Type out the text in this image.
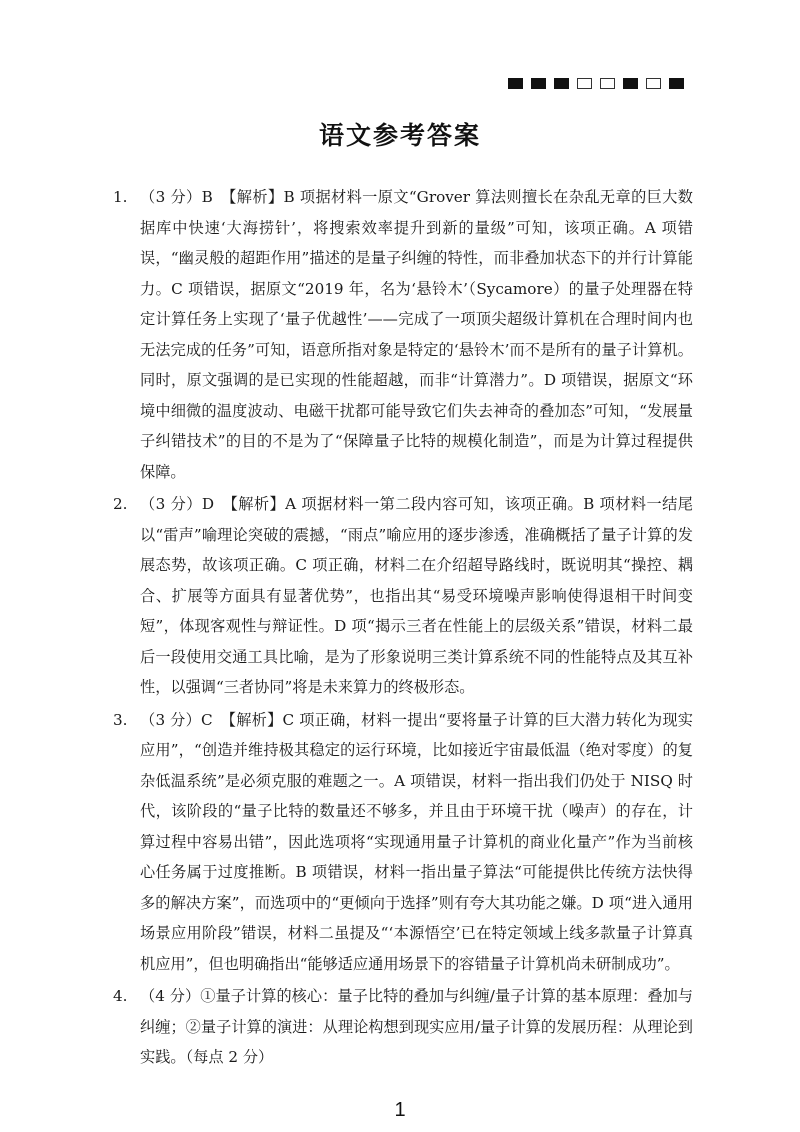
语文参考答案
1. （3 分）B　【解析】B 项据材料一原文“Grover 算法则擅长在杂乱无章的巨大数据库中快速‘大海捞针’，将搜索效率提升到新的量级”可知，该项正确。A 项错误，“幽灵般的超距作用”描述的是量子纠缠的特性，而非叠加状态下的并行计算能力。C 项错误，据原文“2019 年，名为‘悬铃木’（Sycamore）的量子处理器在特定计算任务上实现了‘量子优越性’——完成了一项顶尖超级计算机在合理时间内也无法完成的任务”可知，语意所指对象是特定的‘悬铃木’而不是所有的量子计算机。同时，原文强调的是已实现的性能超越，而非“计算潜力”。D 项错误，据原文“环境中细微的温度波动、电磁干扰都可能导致它们失去神奇的叠加态”可知，“发展量子纠错技术”的目的不是为了“保障量子比特的规模化制造”，而是为计算过程提供保障。
2. （3 分）D　【解析】A 项据材料一第二段内容可知，该项正确。B 项材料一结尾以“雷声”喻理论突破的震撼，“雨点”喻应用的逐步渗透，准确概括了量子计算的发展态势，故该项正确。C 项正确，材料二在介绍超导路线时，既说明其“操控、耦合、扩展等方面具有显著优势”，也指出其“易受环境噪声影响使得退相干时间变短”，体现客观性与辩证性。D 项“揭示三者在性能上的层级关系”错误，材料二最后一段使用交通工具比喻，是为了形象说明三类计算系统不同的性能特点及其互补性，以强调“三者协同”将是未来算力的终极形态。
3. （3 分）C　【解析】C 项正确，材料一提出“要将量子计算的巨大潜力转化为现实应用”，“创造并维持极其稳定的运行环境，比如接近宇宙最低温（绝对零度）的复杂低温系统”是必须克服的难题之一。A 项错误，材料一指出我们仍处于 NISQ 时代，该阶段的“量子比特的数量还不够多，并且由于环境干扰（噪声）的存在，计算过程中容易出错”，因此选项将“实现通用量子计算机的商业化量产”作为当前核心任务属于过度推断。B 项错误，材料一指出量子算法“可能提供比传统方法快得多的解决方案”，而选项中的“更倾向于选择”则有夸大其功能之嫌。D 项“进入通用场景应用阶段”错误，材料二虽提及“‘本源悟空’已在特定领域上线多款量子计算真机应用”，但也明确指出“能够适应通用场景下的容错量子计算机尚未研制成功”。
4. （4 分）①量子计算的核心：量子比特的叠加与纠缠/量子计算的基本原理：叠加与纠缠；②量子计算的演进：从理论构想到现实应用/量子计算的发展历程：从理论到实践。（每点 2 分）
1
